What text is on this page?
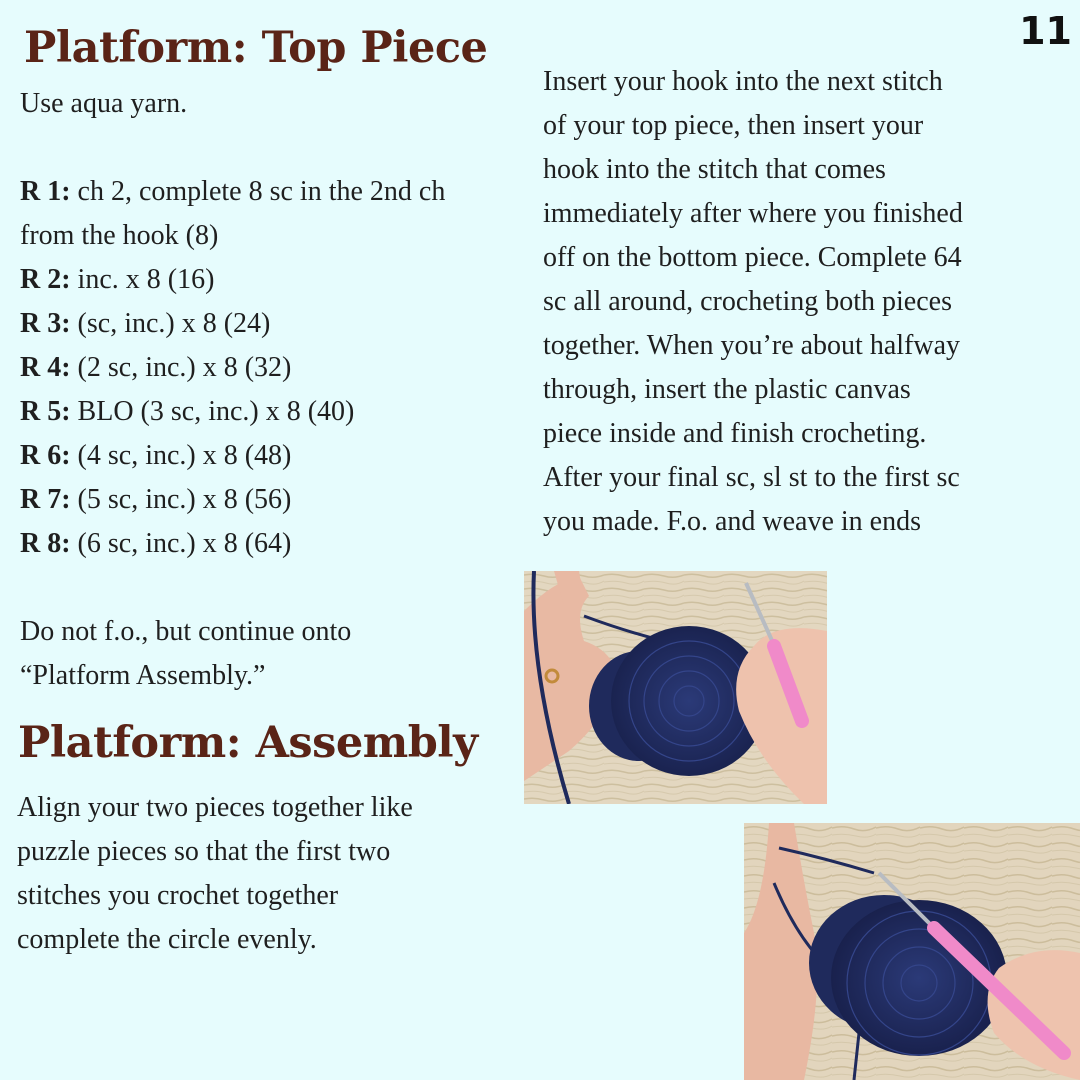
11
Platform: Top Piece

Use aqua yarn.

R 1: ch 2, complete 8 sc in the 2nd ch
from the hook (8)
R 2: inc. x 8 (16)
R 3: (sc, inc.) x 8 (24)
R 4: (2 sc, inc.) x 8 (32)
R 5: BLO (3 sc, inc.) x 8 (40)
R 6: (4 sc, inc.) x 8 (48)
R 7: (5 sc, inc.) x 8 (56)
R 8: (6 sc, inc.) x 8 (64)
Do not f.o., but continue onto
“Platform Assembly.”
Platform: Assembly
Align your two pieces together like
puzzle pieces so that the first two
stitches you crochet together
complete the circle evenly.
Insert your hook into the next stitch
of your top piece, then insert your
hook into the stitch that comes
immediately after where you finished
off on the bottom piece. Complete 64
sc all around, crocheting both pieces
together. When you’re about halfway
through, insert the plastic canvas
piece inside and finish crocheting.
After your final sc, sl st to the first sc
you made. F.o. and weave in ends
